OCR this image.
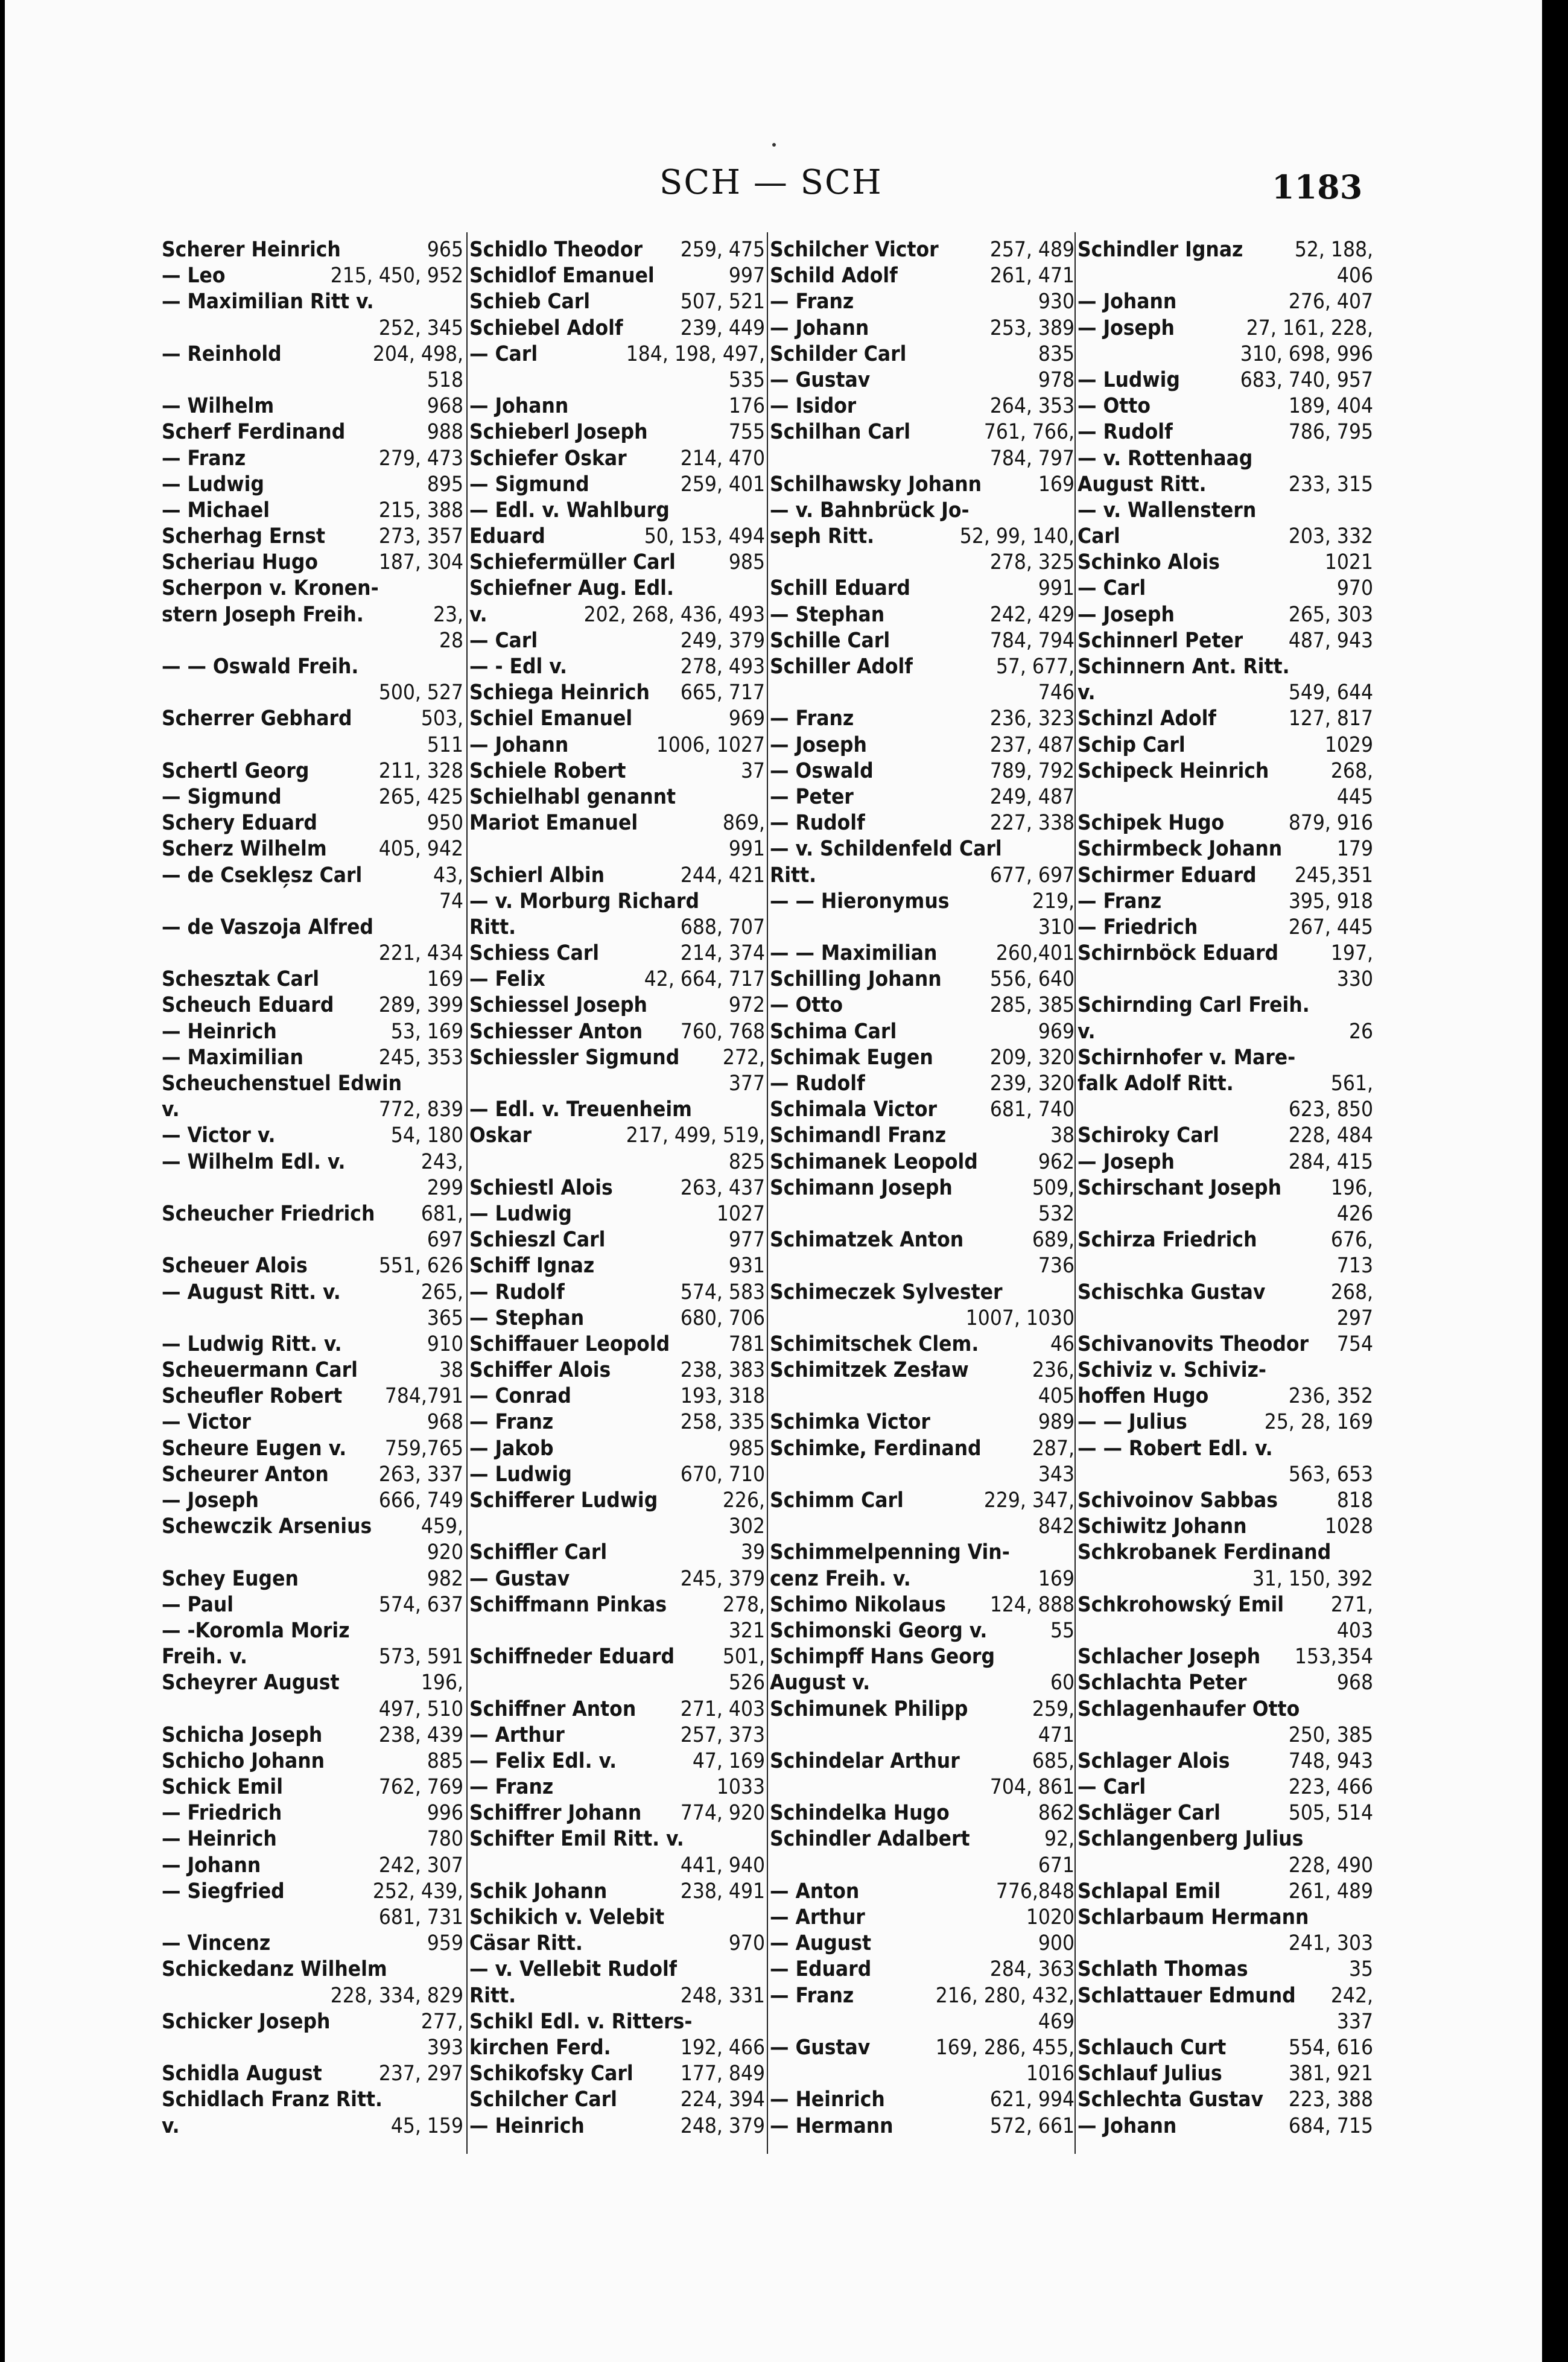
SCH — SCH	1183
Scherer Heinrich	965
— Leo	215, 450, 952
— Maximilian Ritt v.
252, 345
— Reinhold	204, 498,
518
— Wilhelm	968
Scherf Ferdinand	988
— Franz	279, 473
— Ludwig	895
— Michael	215, 388
Scherhag Ernst	273, 357
Scheriau Hugo	187, 304
Scherpon v. Kronen-
stern Joseph Freih.	23,
28
— — Oswald Freih.
500, 527
Scherrer Gebhard	503,
511
Schertl Georg	211, 328
— Sigmund	265, 425
Schery Eduard	950
Scherz Wilhelm 405, 942
— de Csekle̗sz Carl	43,
74
— de Vaszoja Alfred
221, 434
Schesztak Carl	169
Scheuch Eduard 289, 399
— Heinrich	53, 169
— Maximilian	245, 353
Scheuchenstuel Edwin
v.	772, 839
— Victor v.	54, 180
— Wilhelm Edl. v.	243,
299
Scheucher Friedrich 681,
697
Scheuer Alois	551, 626
— August Ritt. v.	265,
365
— Ludwig Ritt. v.	910
Scheuermann Carl	38
Scheufler Robert 784,791
— Victor	968
Scheure Eugen v. 759,765
Scheurer Anton 263, 337
— Joseph	666, 749
Schewczik Arsenius 459,
920
Schey Eugen	982
— Paul	574, 637
— -Koromla Moriz
Freih. v.	573, 591
Scheyrer August	196,
497, 510
Schicha Joseph	238, 439
Schicho Johann	885
Schick Emil	762, 769
— Friedrich	996
— Heinrich	780
— Johann	242, 307
— Siegfried	252, 439,
681, 731
— Vincenz	959
Schickedanz Wilhelm
228, 334, 829
Schicker Joseph	277,
393
Schidla August	237, 297
Schidlach Franz Ritt.
v.	45, 159
Schidlo Theodor 259, 475
Schidlof Emanuel	997
Schieb Carl	507, 521
Schiebel Adolf	239, 449
— Carl	184, 198, 497,
535
— Johann	176
Schieberl Joseph	755
Schiefer Oskar	214, 470
— Sigmund	259, 401
— Edl. v. Wahlburg
Eduard	50, 153, 494
Schiefermüller Carl	985
Schiefner Aug. Edl.
v.	202, 268, 436, 493
— Carl	249, 379
— - Edl v.	278, 493
Schiega Heinrich 665, 717
Schiel Emanuel	969
— Johann	1006, 1027
Schiele Robert	37
Schielhabl genannt
Mariot Emanuel	869,
991
Schierl Albin	244, 421
— v. Morburg Richard
Ritt.	688, 707
Schiess Carl	214, 374
— Felix	42, 664, 717
Schiessel Joseph	972
Schiesser Anton 760, 768
Schiessler Sigmund 272,
377
— Edl. v. Treuenheim
Oskar	217, 499, 519,
825
Schiestl Alois	263, 437
— Ludwig	1027
Schieszl Carl	977
Schiff Ignaz	931
— Rudolf	574, 583
— Stephan	680, 706
Schiffauer Leopold	781
Schiffer Alois	238, 383
— Conrad	193, 318
— Franz	258, 335
— Jakob	985
— Ludwig	670, 710
Schifferer Ludwig	226,
302
Schiffler Carl	39
— Gustav	245, 379
Schiffmann Pinkas	278,
321
Schiffneder Eduard 501,
526
Schiffner Anton 271, 403
— Arthur	257, 373
— Felix Edl. v.	47, 169
— Franz	1033
Schiffrer Johann 774, 920
Schifter Emil Ritt. v.
441, 940
Schik Johann	238, 491
Schikich v. Velebit
Cäsar Ritt.	970
— v. Vellebit Rudolf
Ritt.	248, 331
Schikl Edl. v. Ritters-
kirchen Ferd.	192, 466
Schikofsky Carl 177, 849
Schilcher Carl	224, 394
— Heinrich	248, 379
Schilcher Victor 257, 489
Schild Adolf	261, 471
— Franz	930
— Johann	253, 389
Schilder Carl	835
— Gustav	978
— Isidor	264, 353
Schilhan Carl	761, 766,
784, 797
Schilhawsky Johann	169
— v. Bahnbrück Jo-
seph Ritt.	52, 99, 140,
278, 325
Schill Eduard	991
— Stephan	242, 429
Schille Carl	784, 794
Schiller Adolf	57, 677,
746
— Franz	236, 323
— Joseph	237, 487
— Oswald	789, 792
— Peter	249, 487
— Rudolf	227, 338
— v. Schildenfeld Carl
Ritt.	677, 697
— — Hieronymus	219,
310
— — Maximilian	260,401
Schilling Johann 556, 640
— Otto	285, 385
Schima Carl	969
Schimak Eugen	209, 320
— Rudolf	239, 320
Schimala Victor	681, 740
Schimandl Franz	38
Schimanek Leopold	962
Schimann Joseph	509,
532
Schimatzek Anton	689,
736
Schimeczek Sylvester
1007, 1030
Schimitschek Clem.	46
Schimitzek Zesław	236,
405
Schimka Victor	989
Schimke, Ferdinand 287,
343
Schimm Carl	229, 347,
842
Schimmelpenning Vin-
cenz Freih. v.	169
Schimo Nikolaus 124, 888
Schimonski Georg v.	55
Schimpff Hans Georg
August v.	60
Schimunek Philipp	259,
471
Schindelar Arthur	685,
704, 861
Schindelka Hugo	862
Schindler Adalbert	92,
671
— Anton	776,848
— Arthur	1020
— August	900
— Eduard	284, 363
— Franz	216, 280, 432,
469
— Gustav	169, 286, 455,
1016
— Heinrich	621, 994
— Hermann	572, 661
Schindler Ignaz 52, 188,
406
— Johann	276, 407
— Joseph	27, 161, 228,
310, 698, 996
— Ludwig	683, 740, 957
— Otto	189, 404
— Rudolf	786, 795
— v. Rottenhaag
August Ritt.	233, 315
— v. Wallenstern
Carl	203, 332
Schinko Alois	1021
— Carl	970
— Joseph	265, 303
Schinnerl Peter 487, 943
Schinnern Ant. Ritt.
v.	549, 644
Schinzl Adolf	127, 817
Schip Carl	1029
Schipeck Heinrich	268,
445
Schipek Hugo	879, 916
Schirmbeck Johann	179
Schirmer Eduard 245,351
— Franz	395, 918
— Friedrich	267, 445
Schirnböck Eduard 197,
330
Schirnding Carl Freih.
v.	26
Schirnhofer v. Mare-
falk Adolf Ritt.	561,
623, 850
Schiroky Carl	228, 484
— Joseph	284, 415
Schirschant Joseph 196,
426
Schirza Friedrich	676,
713
Schischka Gustav	268,
297
Schivanovits Theodor 754
Schiviz v. Schiviz-
hoffen Hugo	236, 352
— — Julius	25, 28, 169
— — Robert Edl. v.
563, 653
Schivoinov Sabbas	818
Schiwitz Johann	1028
Schkrobanek Ferdinand
31, 150, 392
Schkrohowský Emil 271,
403
Schlacher Joseph 153,354
Schlachta Peter	968
Schlagenhaufer Otto
250, 385
Schlager Alois	748, 943
— Carl	223, 466
Schläger Carl	505, 514
Schlangenberg Julius
228, 490
Schlapal Emil	261, 489
Schlarbaum Hermann
241, 303
Schlath Thomas	35
Schlattauer Edmund 242,
337
Schlauch Curt	554, 616
Schlauf Julius	381, 921
Schlechta Gustav 223, 388
— Johann	684, 715
